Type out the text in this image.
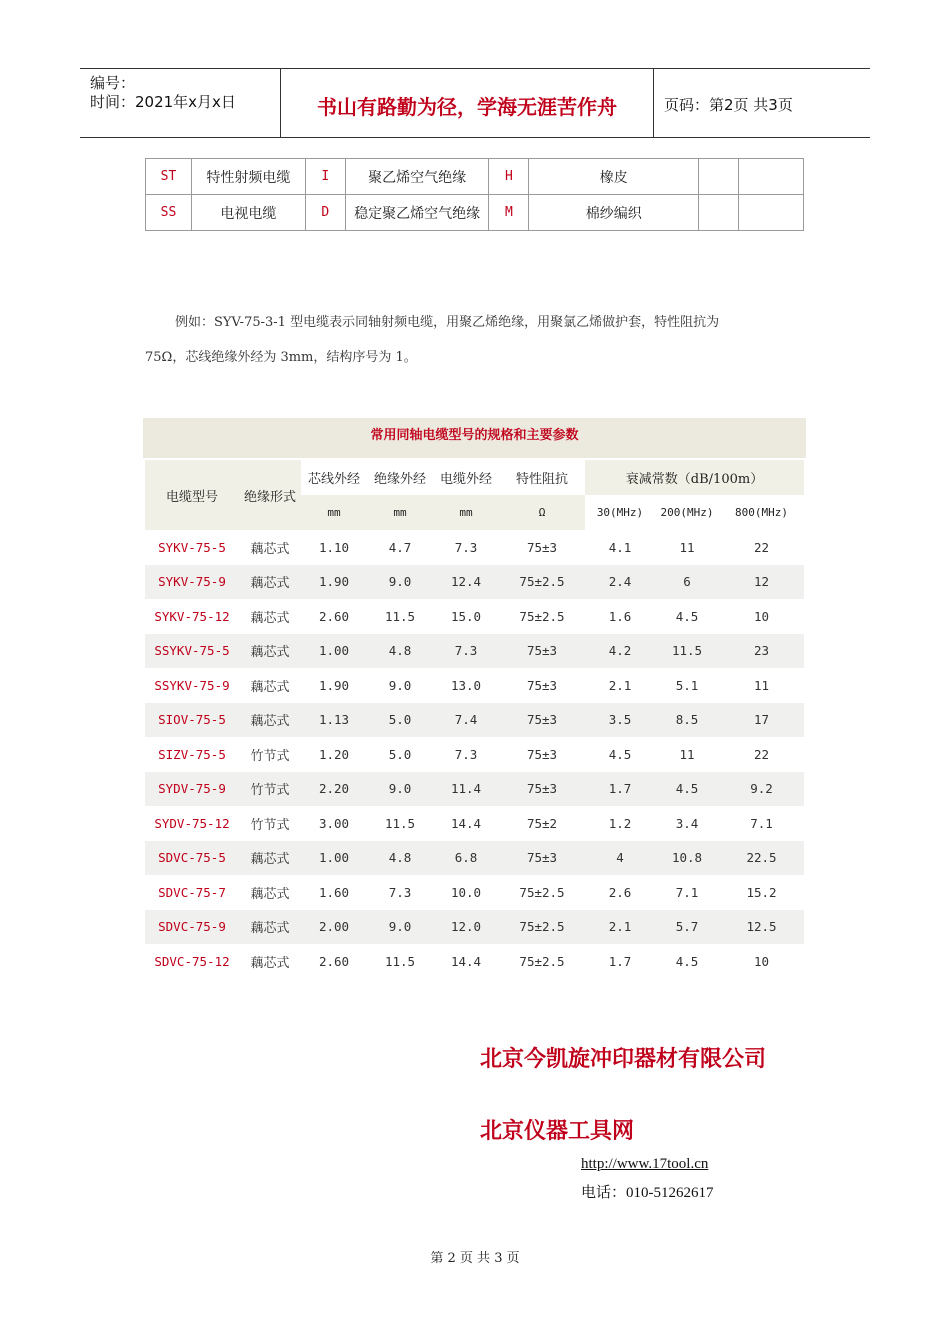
编号：
时间：2021年x月x日	书山有路勤为径，学海无涯苦作舟	页码：第2页 共3页
ST	特性射频电缆	I	聚乙烯空气绝缘	H	橡皮		
SS	电视电缆	D	稳定聚乙烯空气绝缘	M	棉纱编织		
例如：SYV-75-3-1 型电缆表示同轴射频电缆，用聚乙烯绝缘，用聚氯乙烯做护套，特性阻抗为
75Ω，芯线绝缘外经为 3mm，结构序号为 1。
常用同轴电缆型号的规格和主要参数
电缆型号	绝缘形式	芯线外经	绝缘外经	电缆外经	特性阻抗	衰减常数（dB/100m）		
		mm	mm	mm	Ω	30(MHz)	200(MHz)	800(MHz)
SYKV-75-5	藕芯式	1.10	4.7	7.3	75±3	4.1	11	22
SYKV-75-9	藕芯式	1.90	9.0	12.4	75±2.5	2.4	6	12
SYKV-75-12	藕芯式	2.60	11.5	15.0	75±2.5	1.6	4.5	10
SSYKV-75-5	藕芯式	1.00	4.8	7.3	75±3	4.2	11.5	23
SSYKV-75-9	藕芯式	1.90	9.0	13.0	75±3	2.1	5.1	11
SIOV-75-5	藕芯式	1.13	5.0	7.4	75±3	3.5	8.5	17
SIZV-75-5	竹节式	1.20	5.0	7.3	75±3	4.5	11	22
SYDV-75-9	竹节式	2.20	9.0	11.4	75±3	1.7	4.5	9.2
SYDV-75-12	竹节式	3.00	11.5	14.4	75±2	1.2	3.4	7.1
SDVC-75-5	藕芯式	1.00	4.8	6.8	75±3	4	10.8	22.5
SDVC-75-7	藕芯式	1.60	7.3	10.0	75±2.5	2.6	7.1	15.2
SDVC-75-9	藕芯式	2.00	9.0	12.0	75±2.5	2.1	5.7	12.5
SDVC-75-12	藕芯式	2.60	11.5	14.4	75±2.5	1.7	4.5	10
北京今凯旋冲印器材有限公司
北京仪器工具网
http://www.17tool.cn
电话：010-51262617
第 2 页 共 3 页
